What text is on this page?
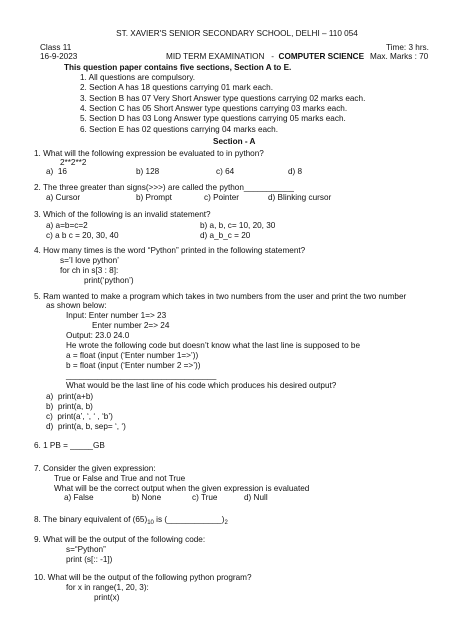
ST. XAVIER'S SENIOR SECONDARY SCHOOL, DELHI – 110 054
Class 11	Time: 3 hrs.
16-9-2023	MID TERM EXAMINATION - COMPUTER SCIENCE Max. Marks : 70
This question paper contains five sections, Section A to E.
1. All questions are compulsory.
2. Section A has 18 questions carrying 01 mark each.
3. Section B has 07 Very Short Answer type questions carrying 02 marks each.
4. Section C has 05 Short Answer type questions carrying 03 marks each.
5. Section D has 03 Long Answer type questions carrying 05 marks each.
6. Section E has 02 questions carrying 04 marks each.
Section - A
1. What will the following expression be evaluated to in python?
2**2**2
a)  16	b) 128	c) 64	d) 8
2. The three greater than signs(>>>) are called the python___________
a) Cursor	b) Prompt	c) Pointer	d) Blinking cursor
3. Which of the following is an invalid statement?
a) a=b=c=2	b) a, b, c= 10, 20, 30
c) a b c = 20, 30, 40	d) a_b_c = 20
4. How many times is the word “Python” printed in the following statement?
s=’I love python’
for ch in s[3 : 8]:
print(‘python’)
5. Ram wanted to make a program which takes in two numbers from the user and print the two number
as shown below:
Input: Enter number 1=> 23
Enter number 2=> 24
Output: 23.0 24.0
He wrote the following code but doesn’t know what the last line is supposed to be
a = float (input (‘Enter number 1=>’))
b = float (input (‘Enter number 2 =>’))
_________________________________
What would be the last line of his code which produces his desired output?
a)  print(a+b)
b)  print(a, b)
c)  print(a’, ‘, ‘ , ‘b’)
d)  print(a, b, sep= ‘, ‘)
6. 1 PB = _____GB
7. Consider the given expression:
True or False and True and not True
What will be the correct output when the given expression is evaluated
a) False	b) None	c) True	d) Null
8. The binary equivalent of $(65)_{10}$ is $(\_\_\_\_\_\_\_\_\_\_\_\_)_2$
9. What will be the output of the following code:
s=“Python”
print (s[:: -1])
10. What will be the output of the following python program?
for x in range(1, 20, 3):
print(x)
